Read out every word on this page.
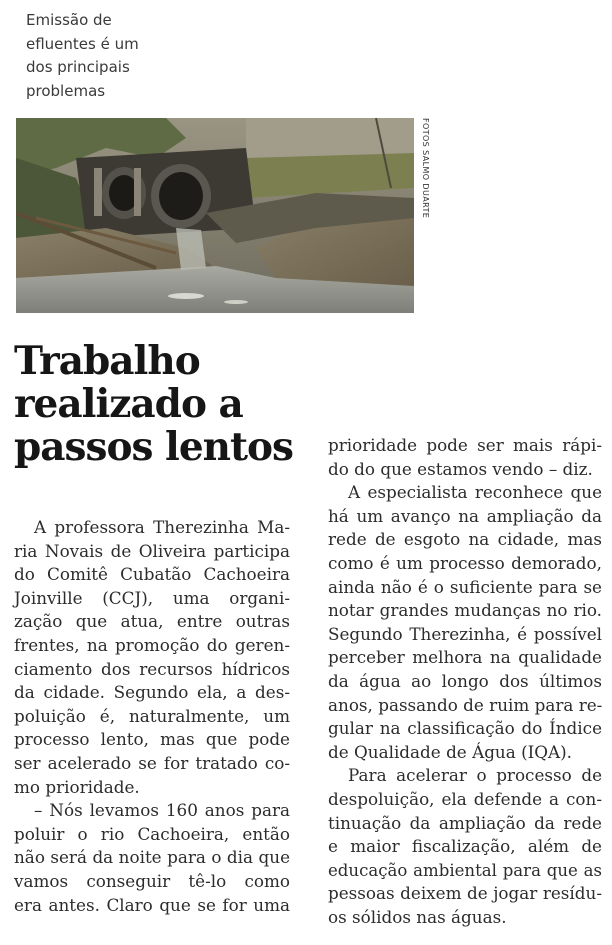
Emissão de
efluentes é um
dos principais
problemas
FOTOS SALMO DUARTE
Trabalho
realizado a
passos lentos
A professora Therezinha Ma-
ria Novais de Oliveira participa
do Comitê Cubatão Cachoeira
Joinville (CCJ), uma organi-
zação que atua, entre outras
frentes, na promoção do geren-
ciamento dos recursos hídricos
da cidade. Segundo ela, a des-
poluição é, naturalmente, um
processo lento, mas que pode
ser acelerado se for tratado co-
mo prioridade.
– Nós levamos 160 anos para
poluir o rio Cachoeira, então
não será da noite para o dia que
vamos conseguir tê-lo como
era antes. Claro que se for uma
prioridade pode ser mais rápi-
do do que estamos vendo – diz.
A especialista reconhece que
há um avanço na ampliação da
rede de esgoto na cidade, mas
como é um processo demorado,
ainda não é o suficiente para se
notar grandes mudanças no rio.
Segundo Therezinha, é possível
perceber melhora na qualidade
da água ao longo dos últimos
anos, passando de ruim para re-
gular na classificação do Índice
de Qualidade de Água (IQA).
Para acelerar o processo de
despoluição, ela defende a con-
tinuação da ampliação da rede
e maior fiscalização, além de
educação ambiental para que as
pessoas deixem de jogar resídu-
os sólidos nas águas.
